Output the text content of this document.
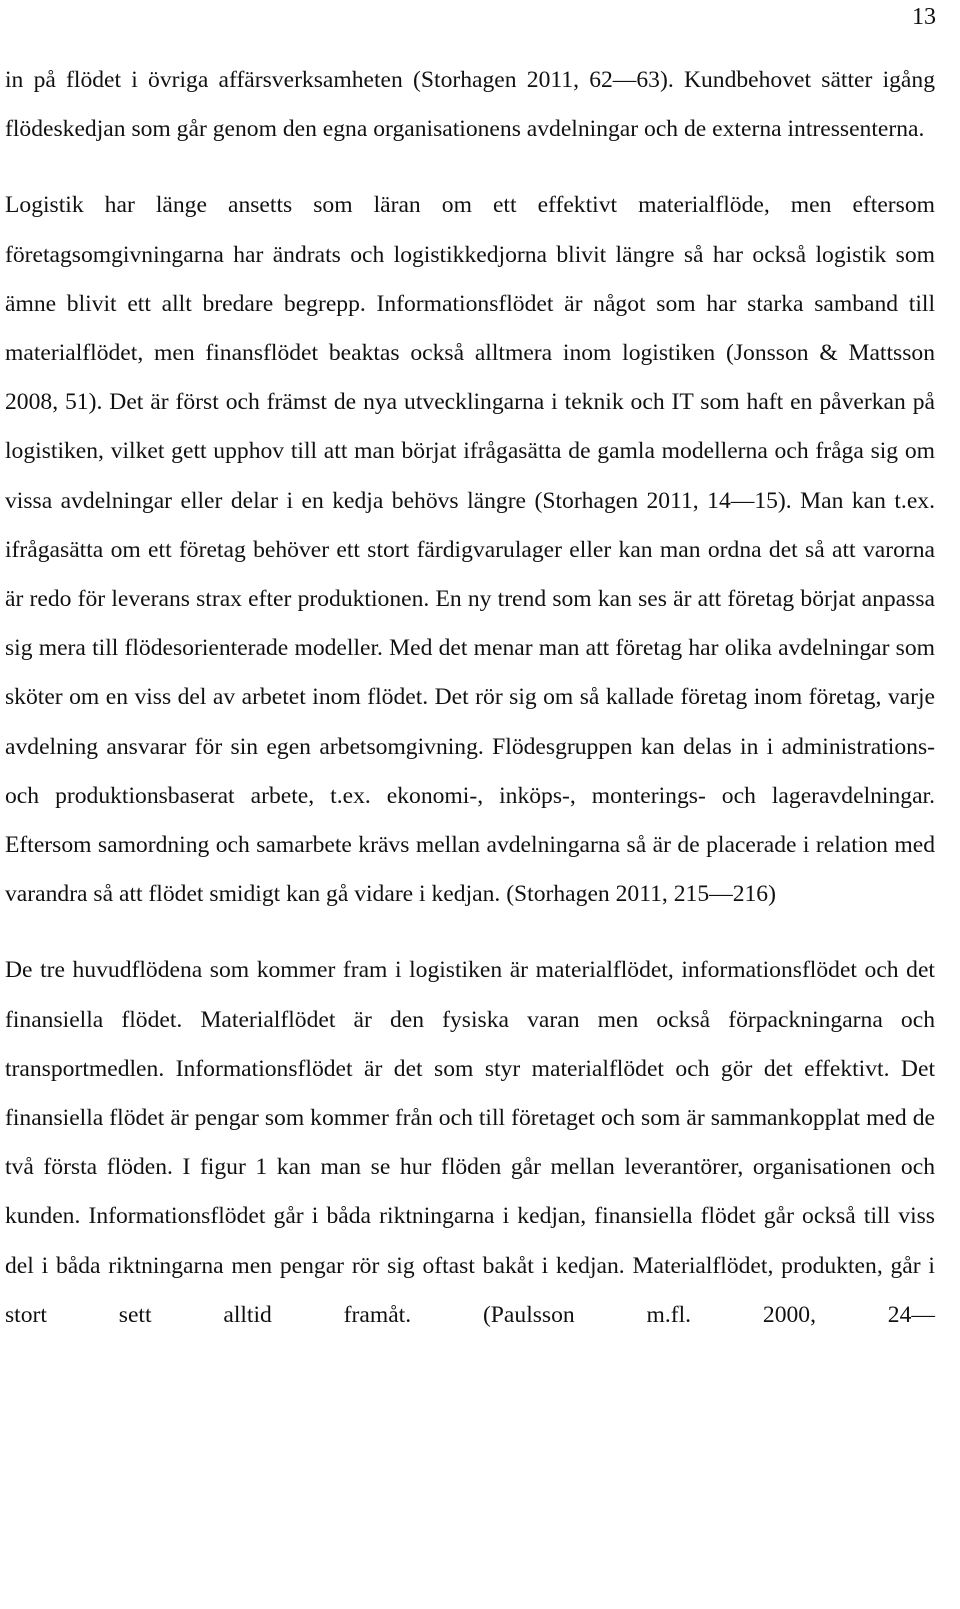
13

in på flödet i övriga affärsverksamheten (Storhagen 2011, 62—63). Kundbehovet sätter igång flödeskedjan som går genom den egna organisationens avdelningar och de externa intressenterna.

Logistik har länge ansetts som läran om ett effektivt materialflöde, men eftersom företagsomgivningarna har ändrats och logistikkedjorna blivit längre så har också logistik som ämne blivit ett allt bredare begrepp. Informationsflödet är något som har starka samband till materialflödet, men finansflödet beaktas också alltmera inom logistiken (Jonsson & Mattsson 2008, 51). Det är först och främst de nya utvecklingarna i teknik och IT som haft en påverkan på logistiken, vilket gett upphov till att man börjat ifrågasätta de gamla modellerna och fråga sig om vissa avdelningar eller delar i en kedja behövs längre (Storhagen 2011, 14—15). Man kan t.ex. ifrågasätta om ett företag behöver ett stort färdigvarulager eller kan man ordna det så att varorna är redo för leverans strax efter produktionen. En ny trend som kan ses är att företag börjat anpassa sig mera till flödesorienterade modeller. Med det menar man att företag har olika avdelningar som sköter om en viss del av arbetet inom flödet. Det rör sig om så kallade företag inom företag, varje avdelning ansvarar för sin egen arbetsomgivning. Flödesgruppen kan delas in i administrations- och produktionsbaserat arbete, t.ex. ekonomi-, inköps-, monterings- och lageravdelningar. Eftersom samordning och samarbete krävs mellan avdelningarna så är de placerade i relation med varandra så att flödet smidigt kan gå vidare i kedjan. (Storhagen 2011, 215—216)

De tre huvudflödena som kommer fram i logistiken är materialflödet, informationsflödet och det finansiella flödet. Materialflödet är den fysiska varan men också förpackningarna och transportmedlen. Informationsflödet är det som styr materialflödet och gör det effektivt. Det finansiella flödet är pengar som kommer från och till företaget och som är sammankopplat med de två första flöden. I figur 1 kan man se hur flöden går mellan leverantörer, organisationen och kunden. Informationsflödet går i båda riktningarna i kedjan, finansiella flödet går också till viss del i båda riktningarna men pengar rör sig oftast bakåt i kedjan. Materialflödet, produkten, går i stort sett alltid framåt. (Paulsson m.fl. 2000, 24—
